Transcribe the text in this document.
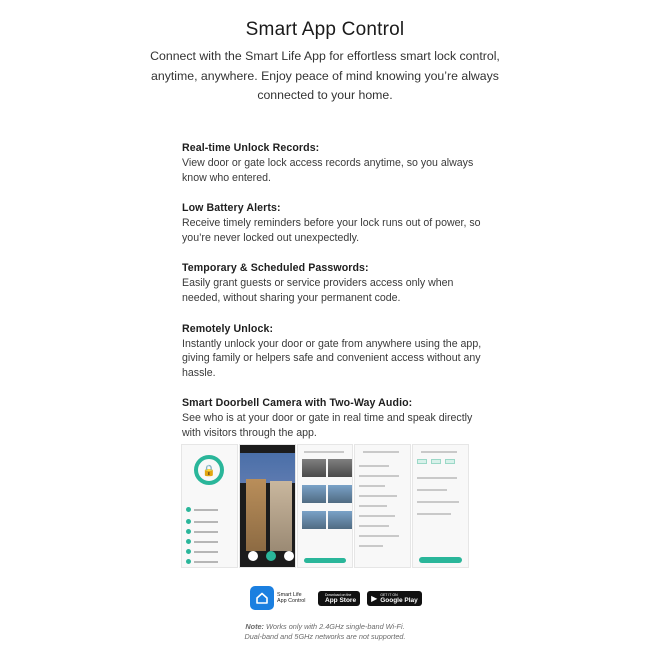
Smart App Control

Connect with the Smart Life App for effortless smart lock control, anytime, anywhere. Enjoy peace of mind knowing you’re always connected to your home.

Real-time Unlock Records:

View door or gate lock access records anytime, so you always know who entered.

Low Battery Alerts:

Receive timely reminders before your lock runs out of power, so you’re never locked out unexpectedly.

Temporary & Scheduled Passwords:

Easily grant guests or service providers access only when needed, without sharing your permanent code.

Remotely Unlock:

Instantly unlock your door or gate from anywhere using the app, giving family or helpers safe and convenient access without any hassle.

Smart Doorbell Camera with Two-Way Audio:

See who is at your door or gate in real time and speak directly with visitors through the app.

🔒
Smart Life App Control
Download on the
App Store ▶ GET IT ON
Google Play
Note: Works only with 2.4GHz single-band Wi-Fi.
Dual-band and 5GHz networks are not supported.
